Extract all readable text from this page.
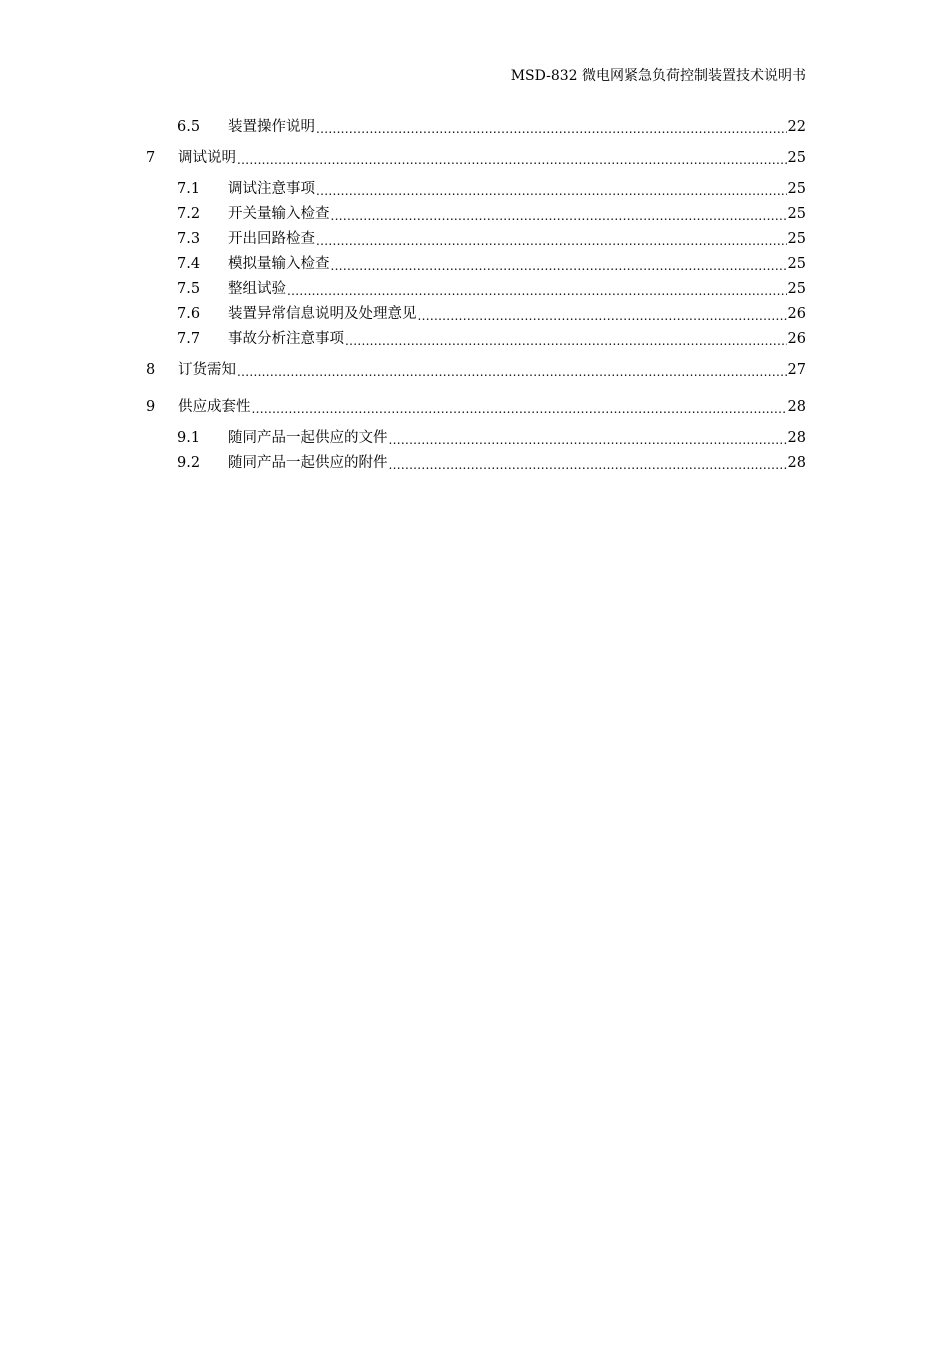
MSD-832 微电网紧急负荷控制装置技术说明书
6.5 装置操作说明 .....	22
7 调试说明 .....	25
7.1 调试注意事项 .....	25
7.2 开关量输入检查 .....	25
7.3 开出回路检查 .....	25
7.4 模拟量输入检查 .....	25
7.5 整组试验 .....	25
7.6 装置异常信息说明及处理意见 .....	26
7.7 事故分析注意事项 .....	26
8 订货需知 .....	27
9 供应成套性 .....	28
9.1 随同产品一起供应的文件 .....	28
9.2 随同产品一起供应的附件 .....	28
